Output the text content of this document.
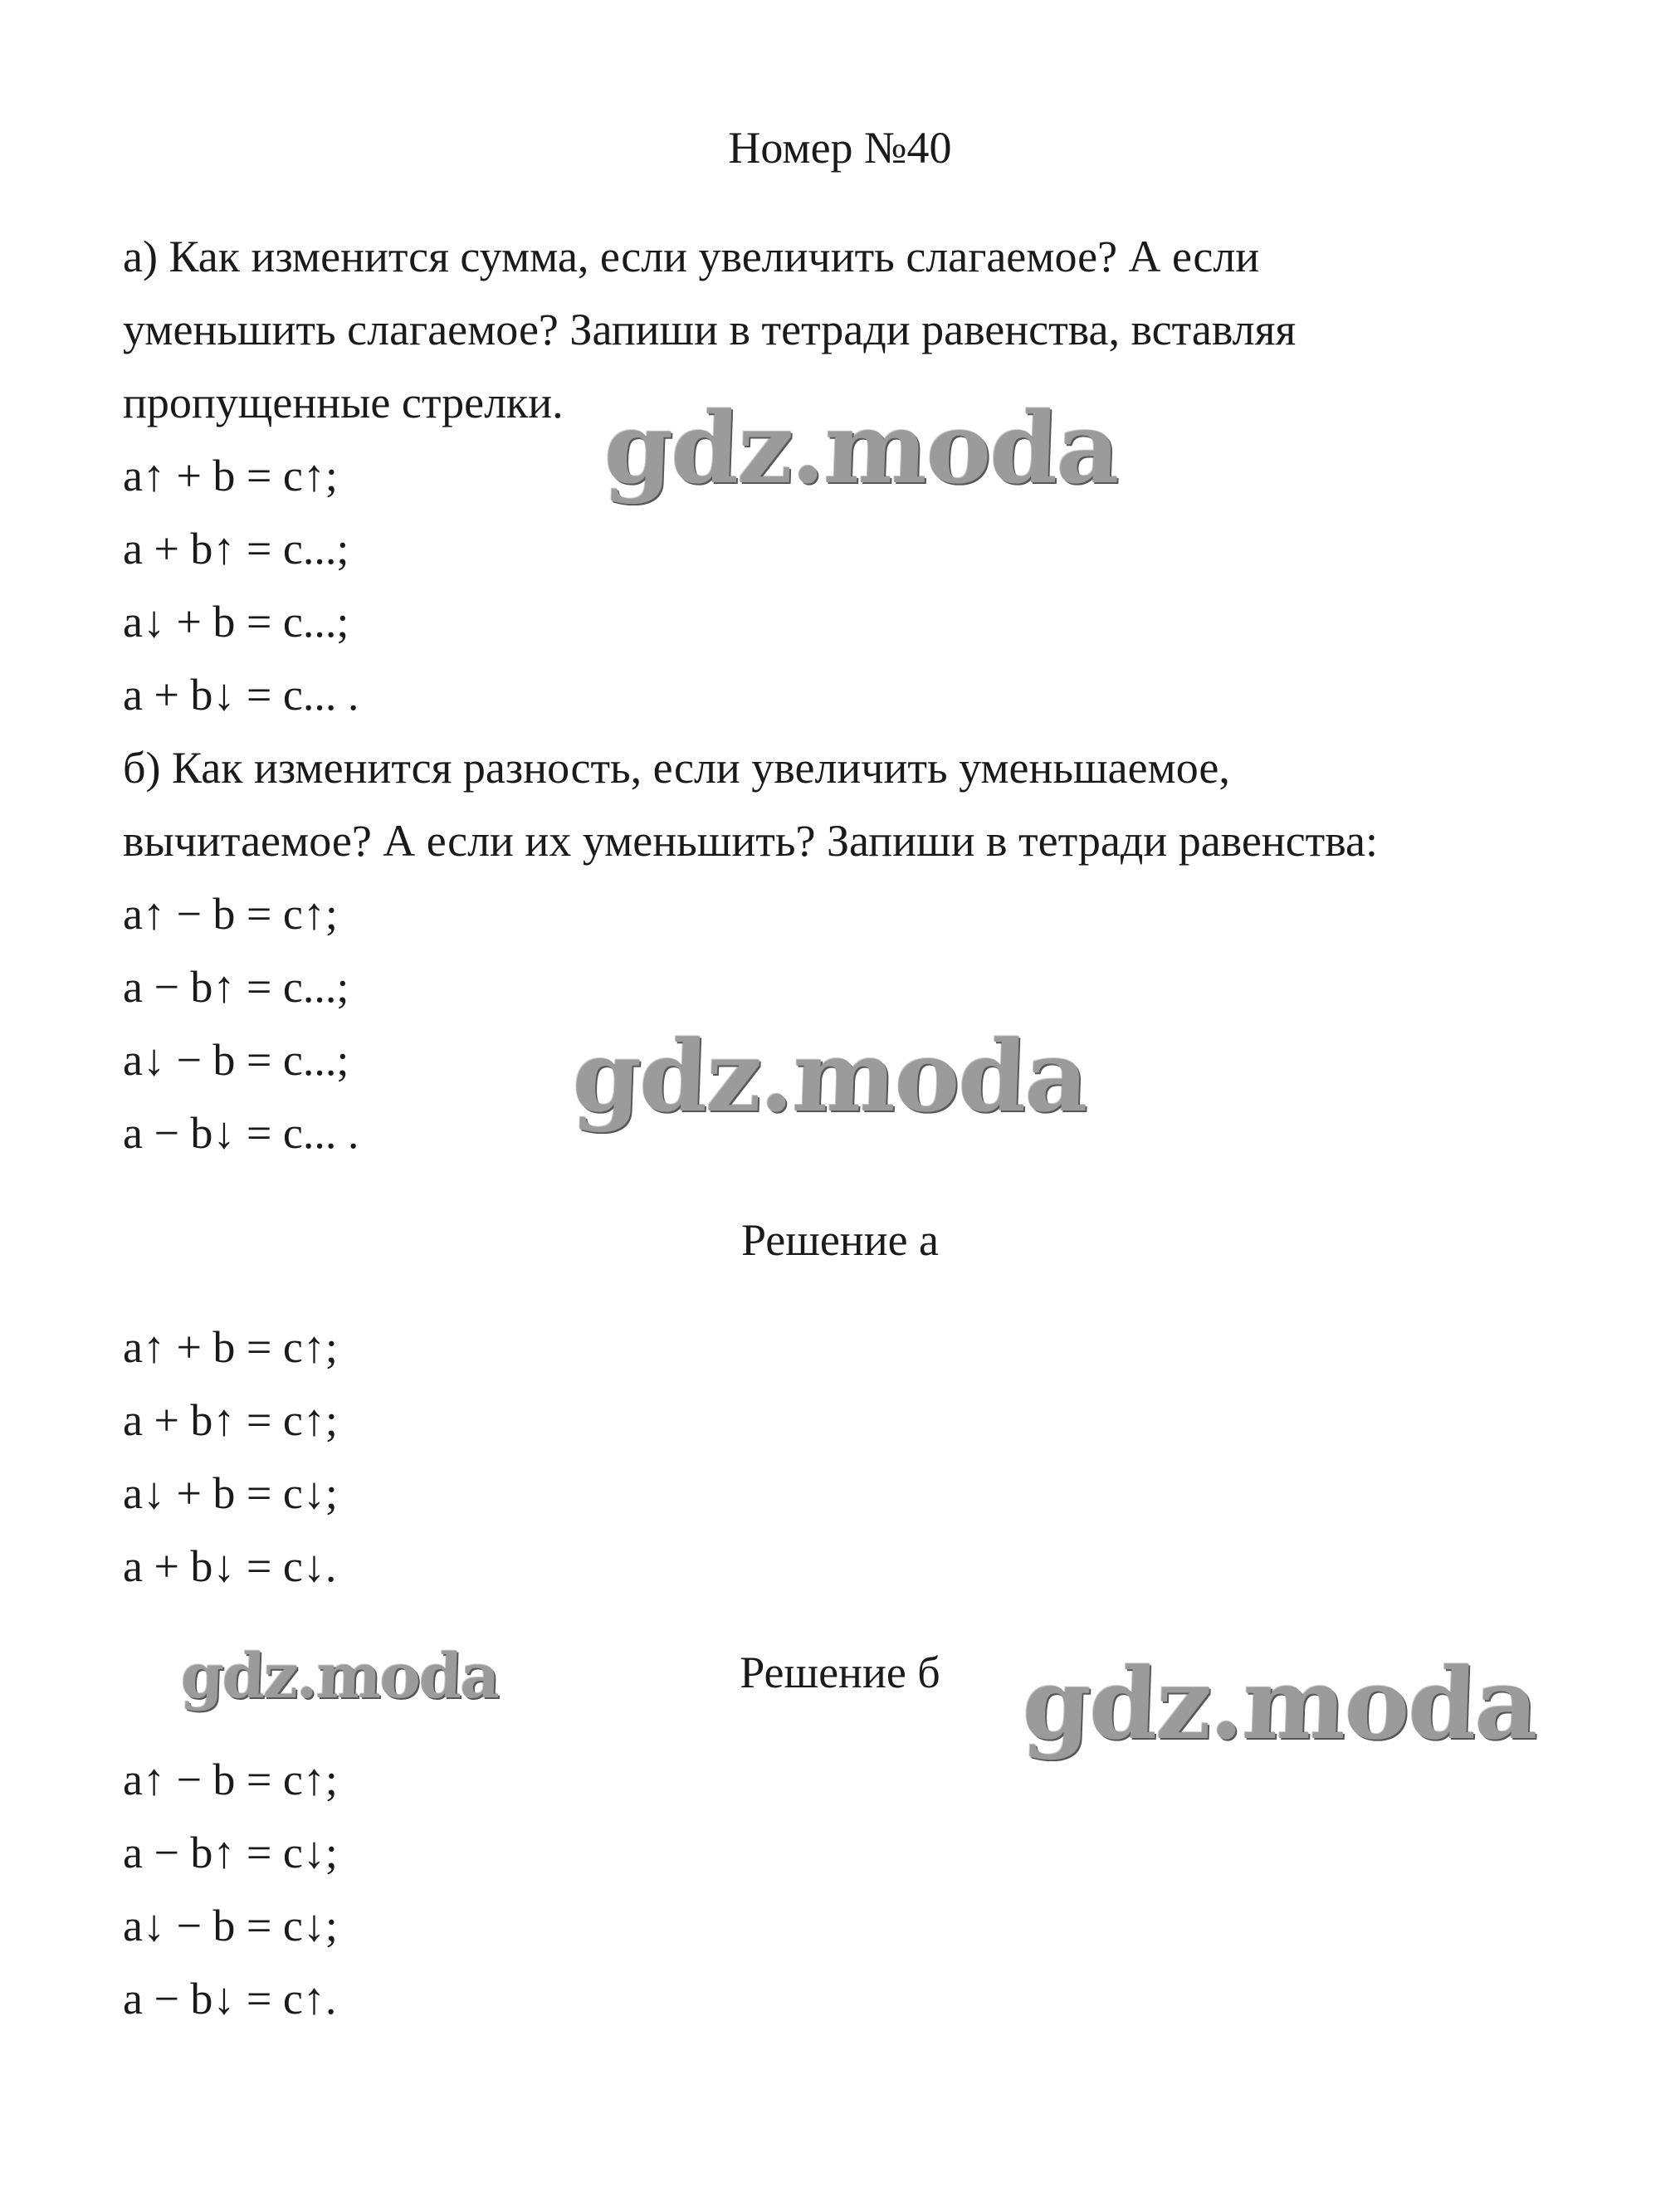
Номер №40
а) Как изменится сумма, если увеличить слагаемое? А если
уменьшить слагаемое? Запиши в тетради равенства, вставляя
пропущенные стрелки.
a↑ + b = c↑;
a + b↑ = c...;
a↓ + b = c...;
a + b↓ = c... .
б) Как изменится разность, если увеличить уменьшаемое,
вычитаемое? А если их уменьшить? Запиши в тетради равенства:
a↑ − b = c↑;
a − b↑ = c...;
a↓ − b = c...;
a − b↓ = c... .
Решение а
a↑ + b = c↑;
a + b↑ = c↑;
a↓ + b = c↓;
a + b↓ = c↓.
Решение б
a↑ − b = c↑;
a − b↑ = c↓;
a↓ − b = c↓;
a − b↓ = c↑.
gdz.moda
gdz.moda
gdz.moda	gdz.moda
